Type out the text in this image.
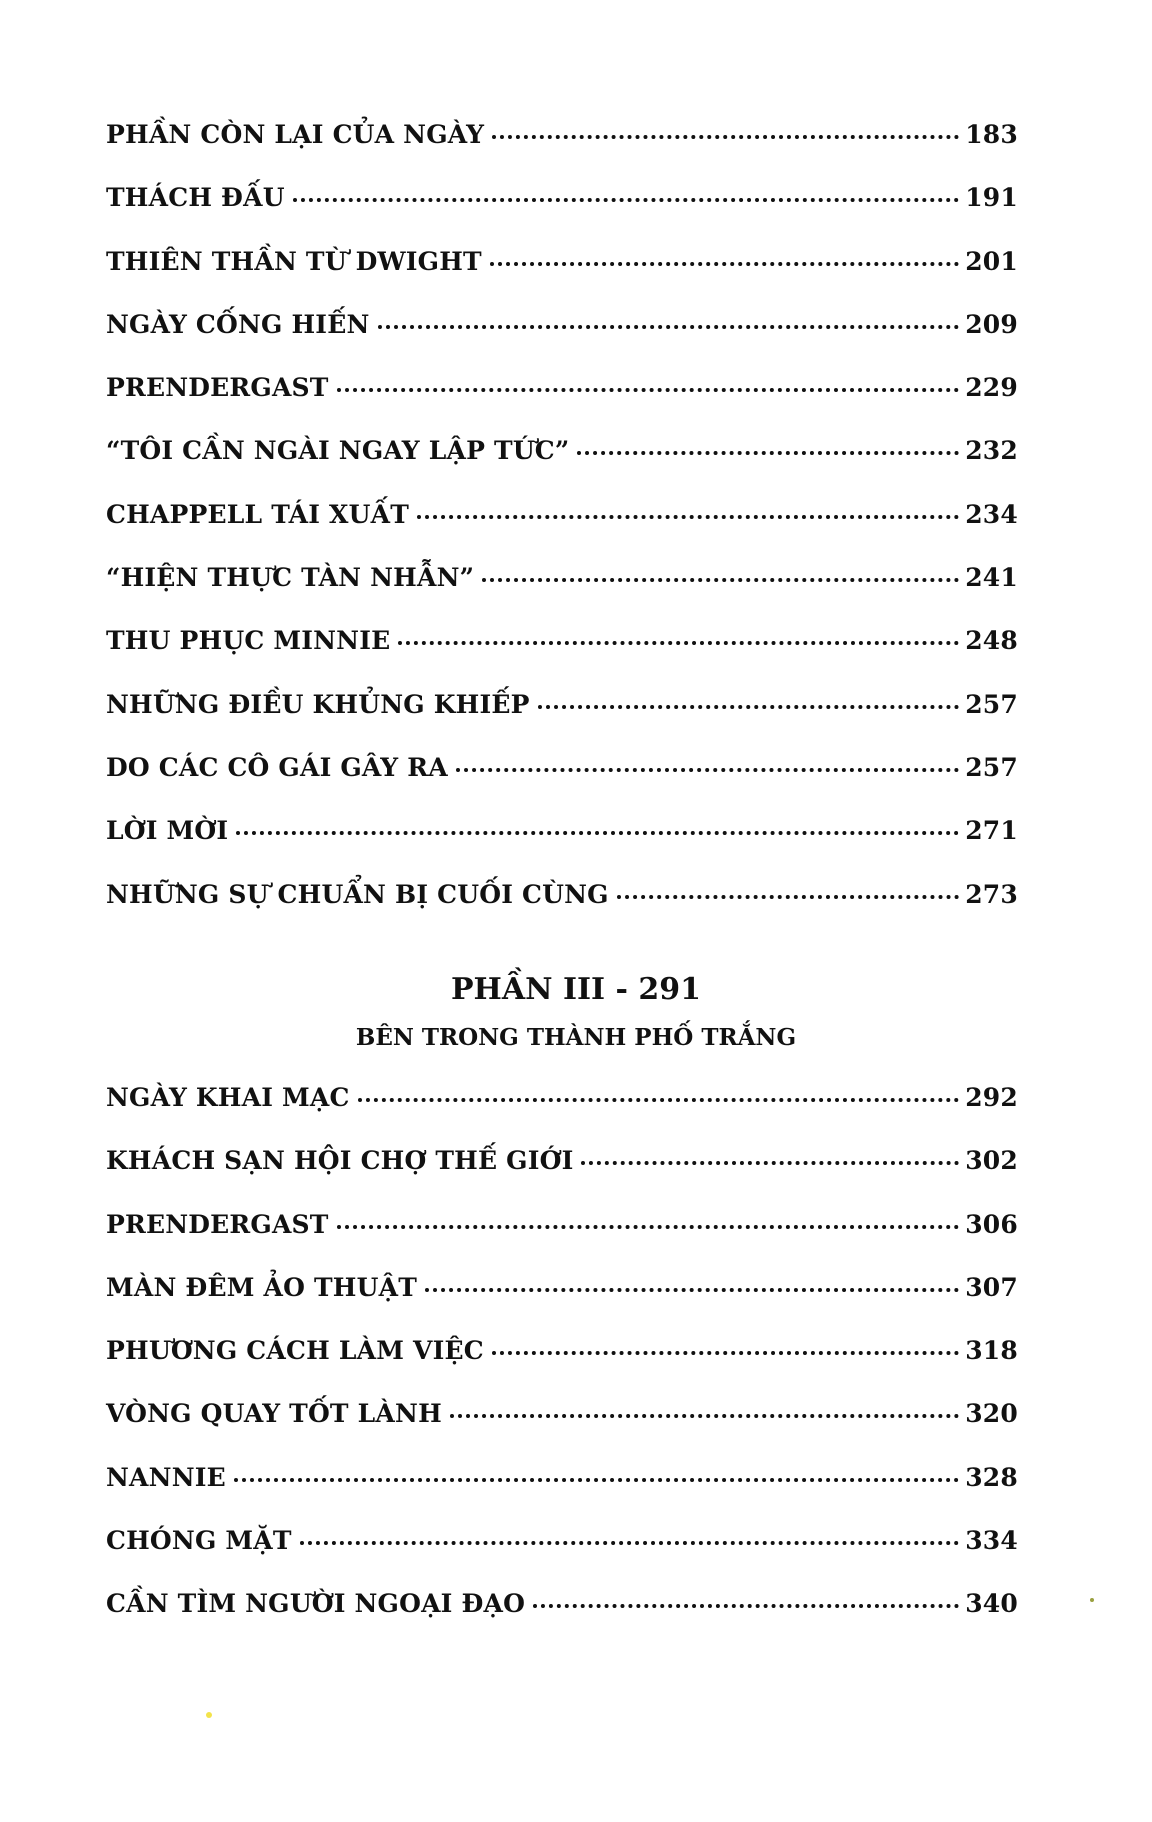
PHẦN CÒN LẠI CỦA NGÀY	183
THÁCH ĐẤU	191
THIÊN THẦN TỪ DWIGHT	201
NGÀY CỐNG HIẾN	209
PRENDERGAST	229
“TÔI CẦN NGÀI NGAY LẬP TỨC”	232
CHAPPELL TÁI XUẤT	234
“HIỆN THỰC TÀN NHẪN”	241
THU PHỤC MINNIE	248
NHỮNG ĐIỀU KHỦNG KHIẾP	257
DO CÁC CÔ GÁI GÂY RA	257
LỜI MỜI	271
NHỮNG SỰ CHUẨN BỊ CUỐI CÙNG	273
PHẦN III - 291
BÊN TRONG THÀNH PHỐ TRẮNG
NGÀY KHAI MẠC	292
KHÁCH SẠN HỘI CHỢ THẾ GIỚI	302
PRENDERGAST	306
MÀN ĐÊM ẢO THUẬT	307
PHƯƠNG CÁCH LÀM VIỆC	318
VÒNG QUAY TỐT LÀNH	320
NANNIE	328
CHÓNG MẶT	334
CẦN TÌM NGƯỜI NGOẠI ĐẠO	340
